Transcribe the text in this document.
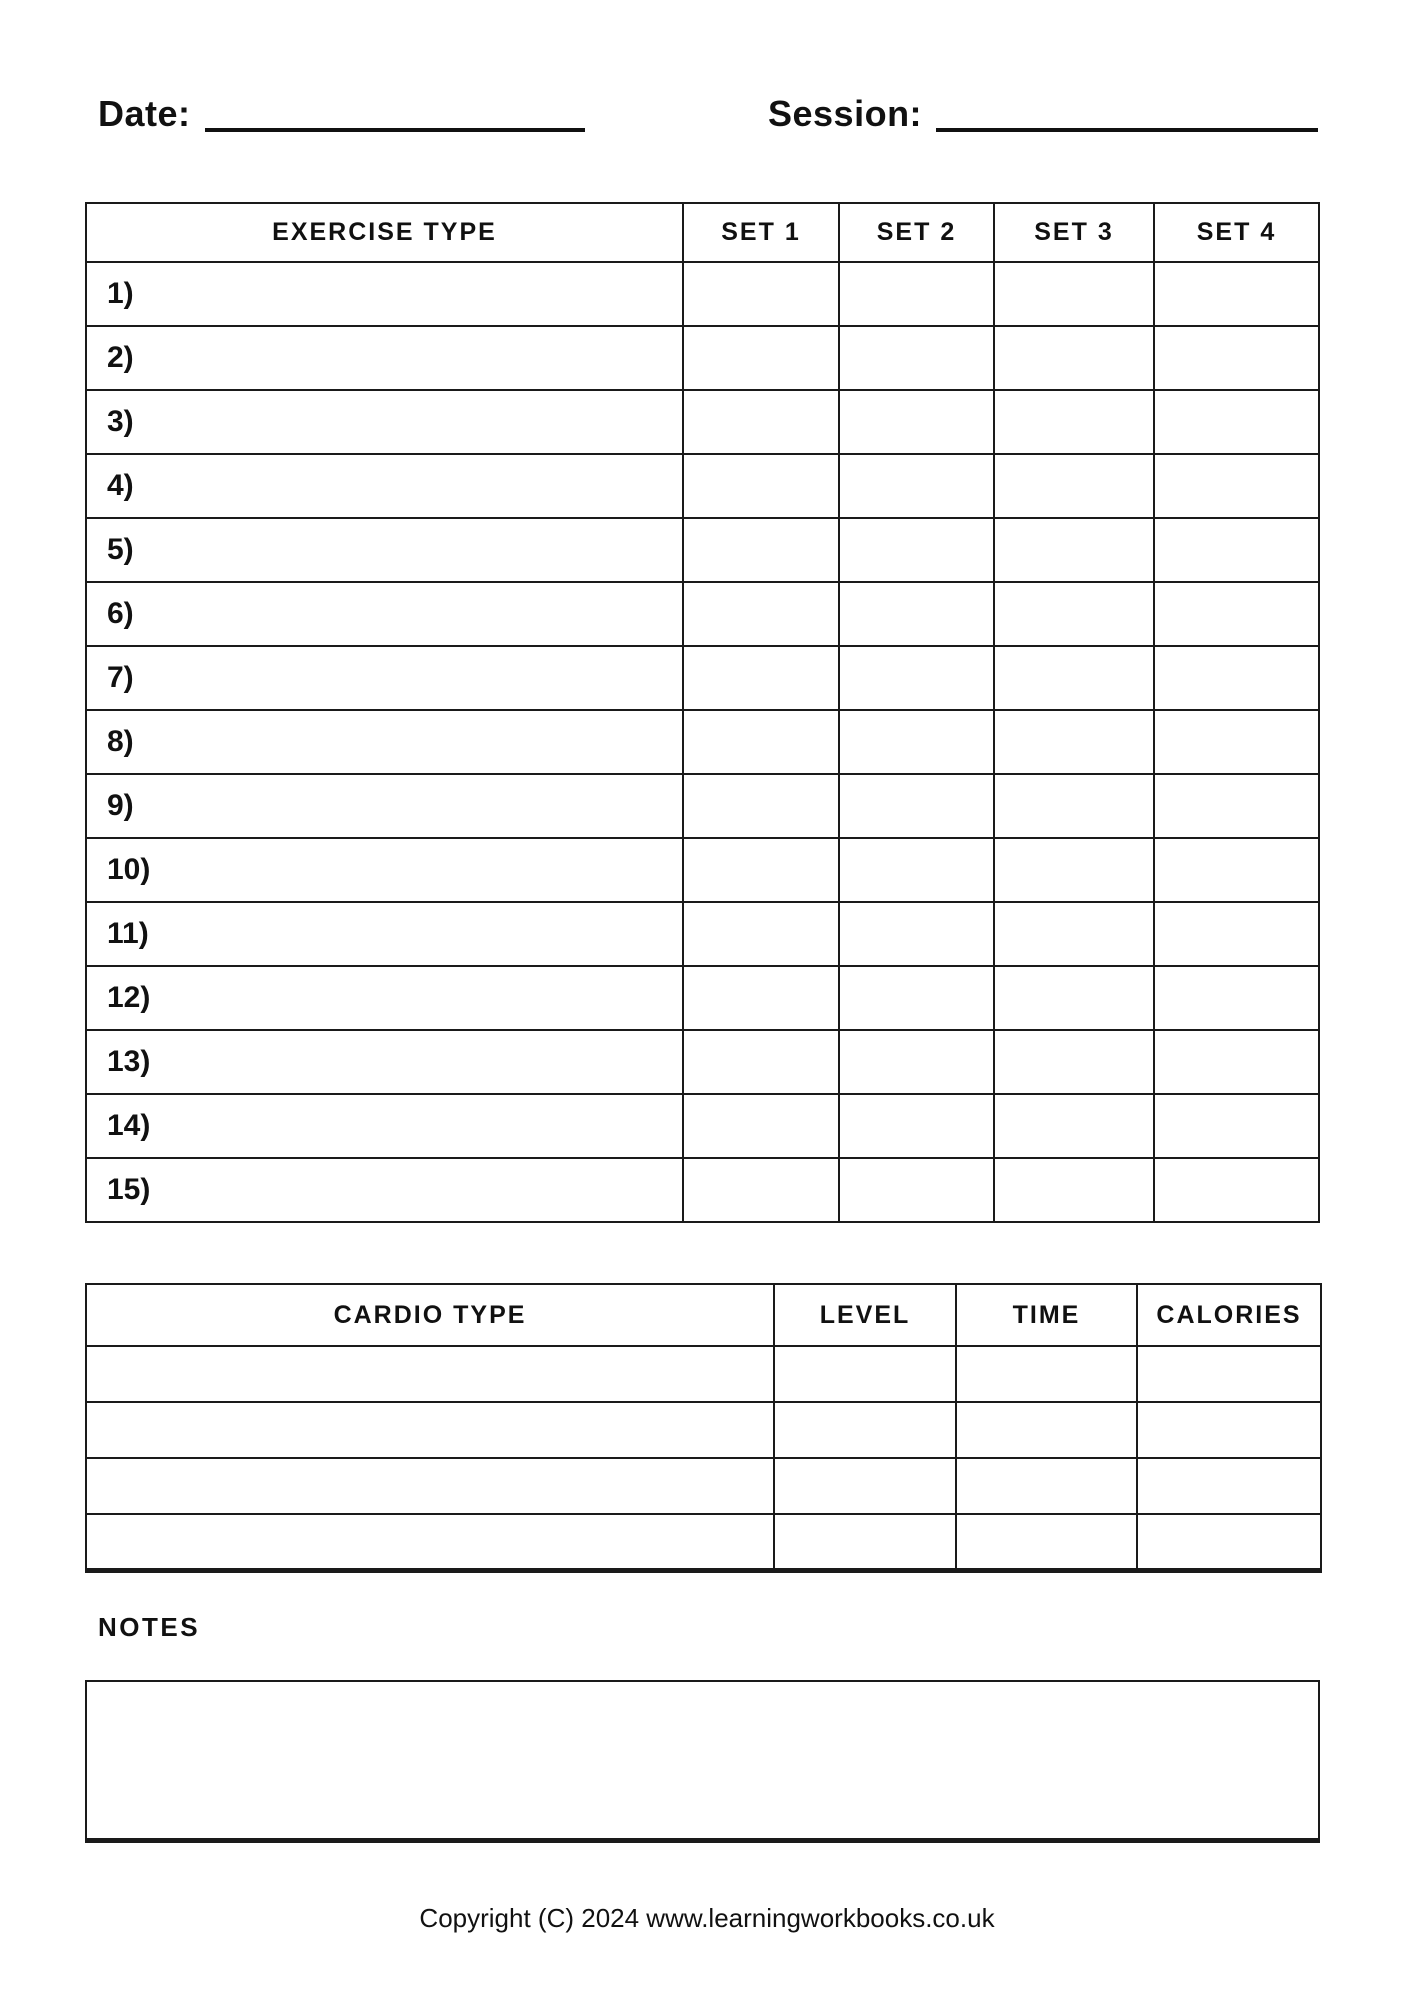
Date:	Session:
EXERCISE TYPE	SET 1	SET 2	SET 3	SET 4
1)				
2)				
3)				
4)				
5)				
6)				
7)				
8)				
9)				
10)				
11)				
12)				
13)				
14)				
15)				
CARDIO TYPE	LEVEL	TIME	CALORIES

NOTES
Copyright (C) 2024 www.learningworkbooks.co.uk
